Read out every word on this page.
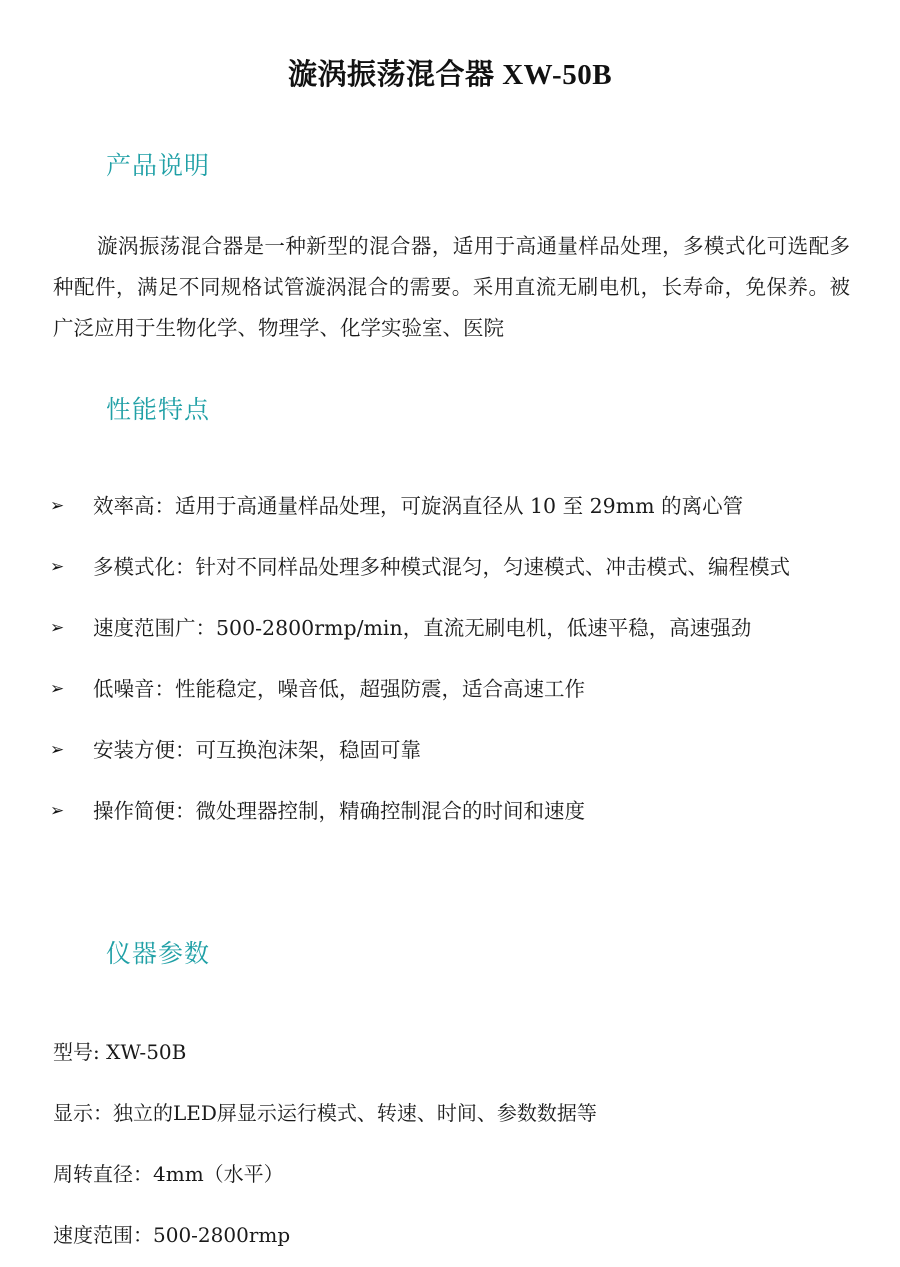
漩涡振荡混合器 XW-50B
产品说明

漩涡振荡混合器是一种新型的混合器，适用于高通量样品处理，多模式化可选配多种配件，满足不同规格试管漩涡混合的需要。采用直流无刷电机，长寿命，免保养。被广泛应用于生物化学、物理学、化学实验室、医院

性能特点
➢ 效率高：适用于高通量样品处理，可旋涡直径从 10 至 29mm 的离心管
➢ 多模式化：针对不同样品处理多种模式混匀，匀速模式、冲击模式、编程模式
➢ 速度范围广：500-2800rmp/min，直流无刷电机，低速平稳，高速强劲
➢ 低噪音：性能稳定，噪音低，超强防震，适合高速工作
➢ 安装方便：可互换泡沫架，稳固可靠
➢ 操作简便：微处理器控制，精确控制混合的时间和速度
仪器参数
型号: XW-50B
显示：独立的LED屏显示运行模式、转速、时间、参数数据等
周转直径：4mm（水平）
速度范围：500-2800rmp
